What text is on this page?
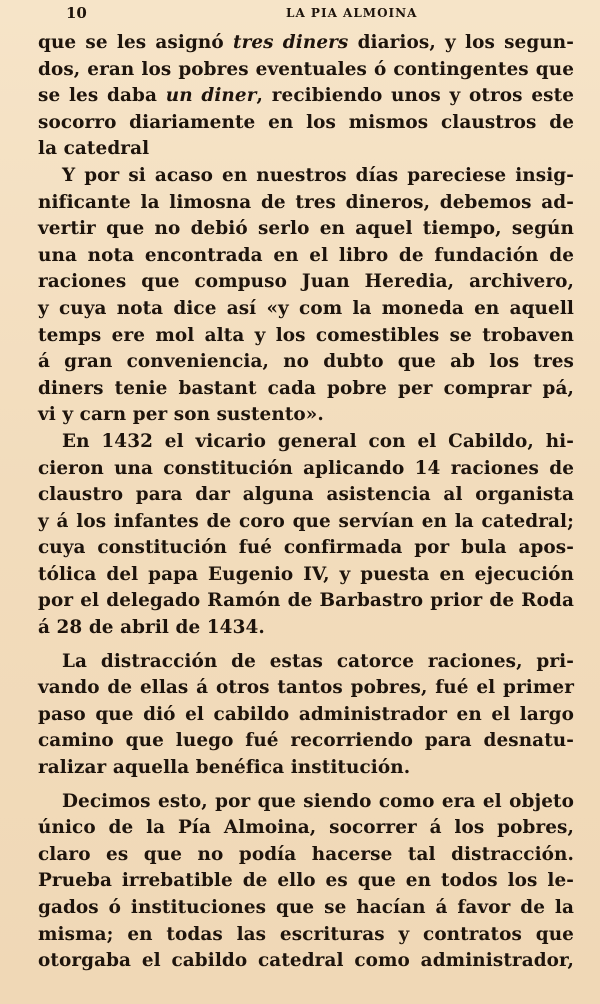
10	LA PIA ALMOINA
que se les asignó tres diners diarios, y los segun-
dos, eran los pobres eventuales ó contingentes que
se les daba un diner, recibiendo unos y otros este
socorro diariamente en los mismos claustros de
la catedral
Y por si acaso en nuestros días pareciese insig-
nificante la limosna de tres dineros, debemos ad-
vertir que no debió serlo en aquel tiempo, según
una nota encontrada en el libro de fundación de
raciones que compuso Juan Heredia, archivero,
y cuya nota dice así «y com la moneda en aquell
temps ere mol alta y los comestibles se trobaven
á gran conveniencia, no dubto que ab los tres
diners tenie bastant cada pobre per comprar pá,
vi y carn per son sustento».
En 1432 el vicario general con el Cabildo, hi-
cieron una constitución aplicando 14 raciones de
claustro para dar alguna asistencia al organista
y á los infantes de coro que servían en la catedral;
cuya constitución fué confirmada por bula apos-
tólica del papa Eugenio IV, y puesta en ejecución
por el delegado Ramón de Barbastro prior de Roda
á 28 de abril de 1434.
La distracción de estas catorce raciones, pri-
vando de ellas á otros tantos pobres, fué el primer
paso que dió el cabildo administrador en el largo
camino que luego fué recorriendo para desnatu-
ralizar aquella benéfica institución.
Decimos esto, por que siendo como era el objeto
único de la Pía Almoina, socorrer á los pobres,
claro es que no podía hacerse tal distracción.
Prueba irrebatible de ello es que en todos los le-
gados ó instituciones que se hacían á favor de la
misma; en todas las escrituras y contratos que
otorgaba el cabildo catedral como administrador,
